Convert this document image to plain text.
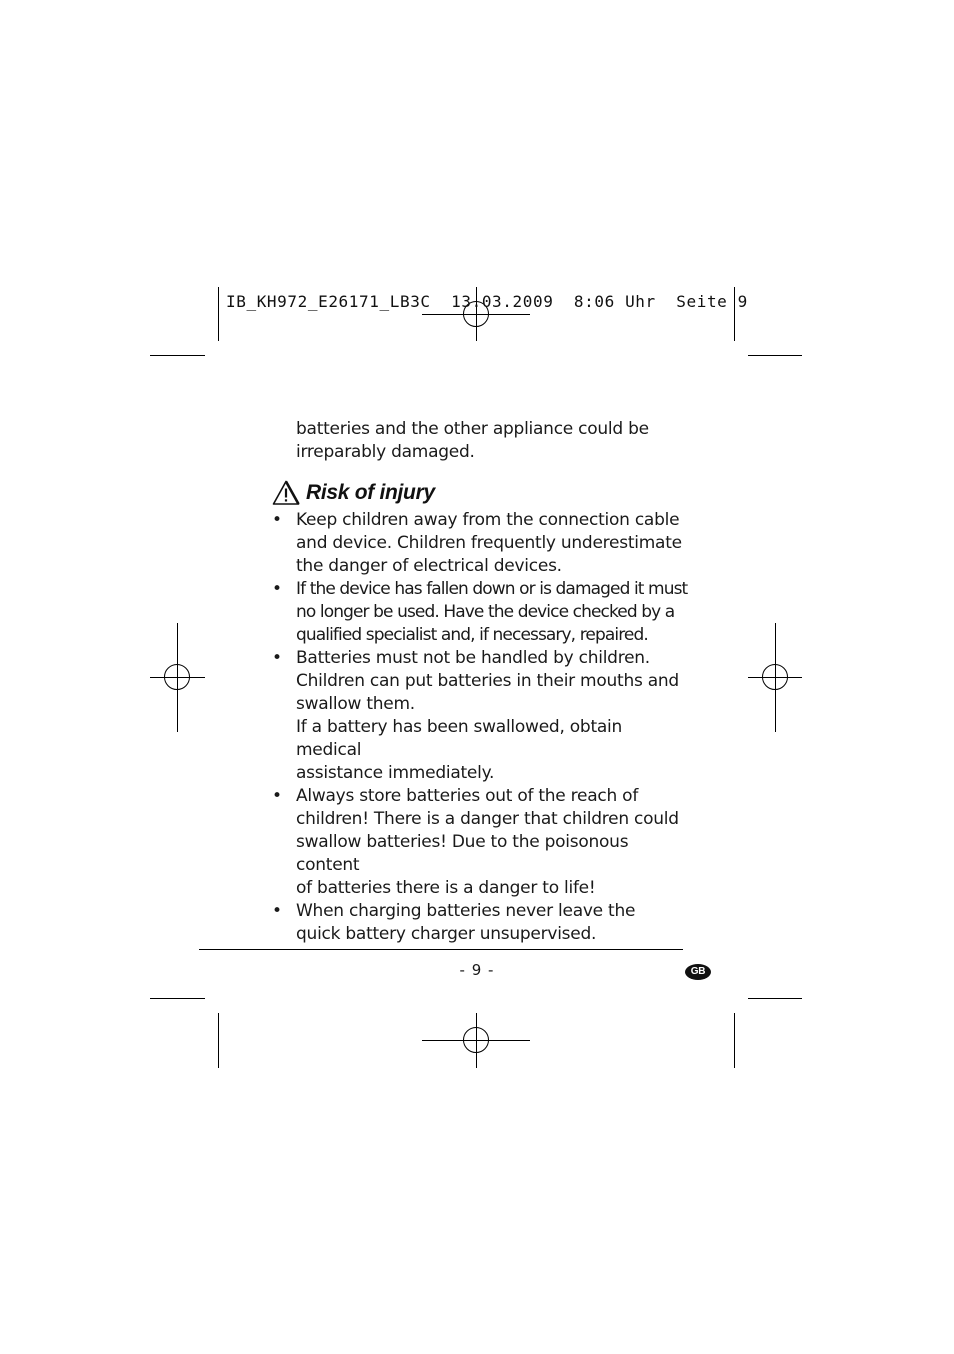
IB_KH972_E26171_LB3C  13.03.2009  8:06 Uhr  Seite 9
batteries and the other appliance could be
irreparably damaged.
Risk of injury
• Keep children away from the connection cable
and device. Children frequently underestimate
the danger of electrical devices.
• If the device has fallen down or is damaged it must
no longer be used. Have the device checked by a
qualified specialist and, if necessary, repaired.
• Batteries must not be handled by children.
Children can put batteries in their mouths and
swallow them.
If a battery has been swallowed, obtain medical
assistance immediately.
• Always store batteries out of the reach of
children! There is a danger that children could
swallow batteries! Due to the poisonous content
of batteries there is a danger to life!
• When charging batteries never leave the
quick battery charger unsupervised.
- 9 -	GB
